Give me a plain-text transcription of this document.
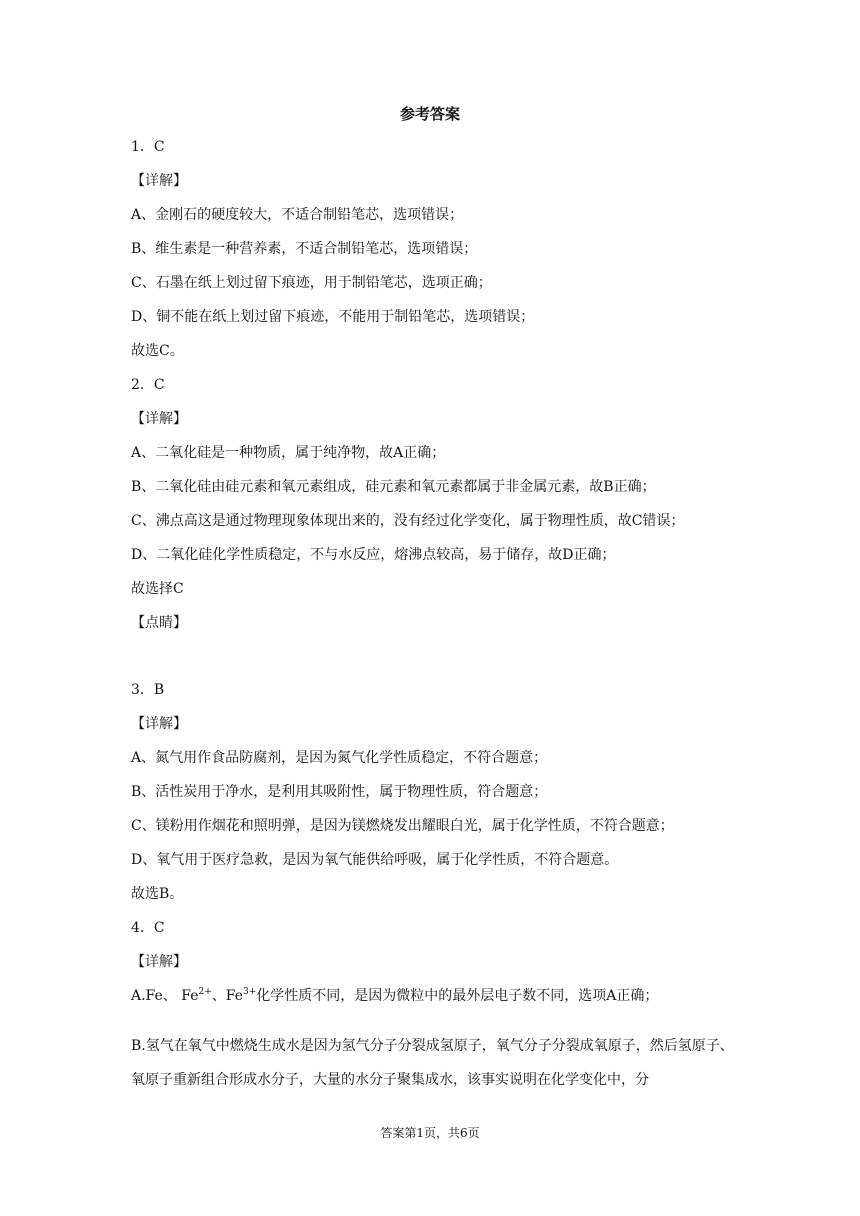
参考答案
1．C
【详解】
A、金刚石的硬度较大，不适合制铅笔芯，选项错误；
B、维生素是一种营养素，不适合制铅笔芯，选项错误；
C、石墨在纸上划过留下痕迹，用于制铅笔芯，选项正确；
D、铜不能在纸上划过留下痕迹，不能用于制铅笔芯，选项错误；
故选C。
2．C
【详解】
A、二氧化硅是一种物质，属于纯净物，故A正确；
B、二氧化硅由硅元素和氧元素组成，硅元素和氧元素都属于非金属元素，故B正确；
C、沸点高这是通过物理现象体现出来的，没有经过化学变化，属于物理性质，故C错误；
D、二氧化硅化学性质稳定，不与水反应，熔沸点较高，易于储存，故D正确；
故选择C
【点睛】
3．B
【详解】
A、氮气用作食品防腐剂，是因为氮气化学性质稳定，不符合题意；
B、活性炭用于净水，是利用其吸附性，属于物理性质，符合题意；
C、镁粉用作烟花和照明弹，是因为镁燃烧发出耀眼白光，属于化学性质，不符合题意；
D、氧气用于医疗急救，是因为氧气能供给呼吸，属于化学性质，不符合题意。
故选B。
4．C
【详解】
A.Fe、 $Fe^{2+}$、$Fe^{3+}$化学性质不同，是因为微粒中的最外层电子数不同，选项A正确；
B.氢气在氧气中燃烧生成水是因为氢气分子分裂成氢原子，氧气分子分裂成氧原子，然后氢原子、氧原子重新组合形成水分子，大量的水分子聚集成水，该事实说明在化学变化中，分
答案第1页，共6页
